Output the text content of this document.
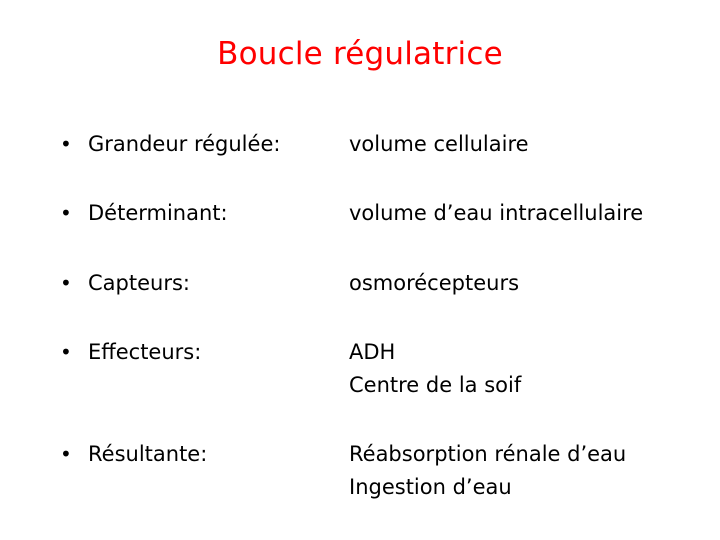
Boucle régulatrice
• Grandeur régulée:	volume cellulaire
• Déterminant:	volume d’eau intracellulaire
• Capteurs:	osmorécepteurs
• Effecteurs:	ADH
Centre de la soif
• Résultante:	Réabsorption rénale d’eau
Ingestion d’eau
